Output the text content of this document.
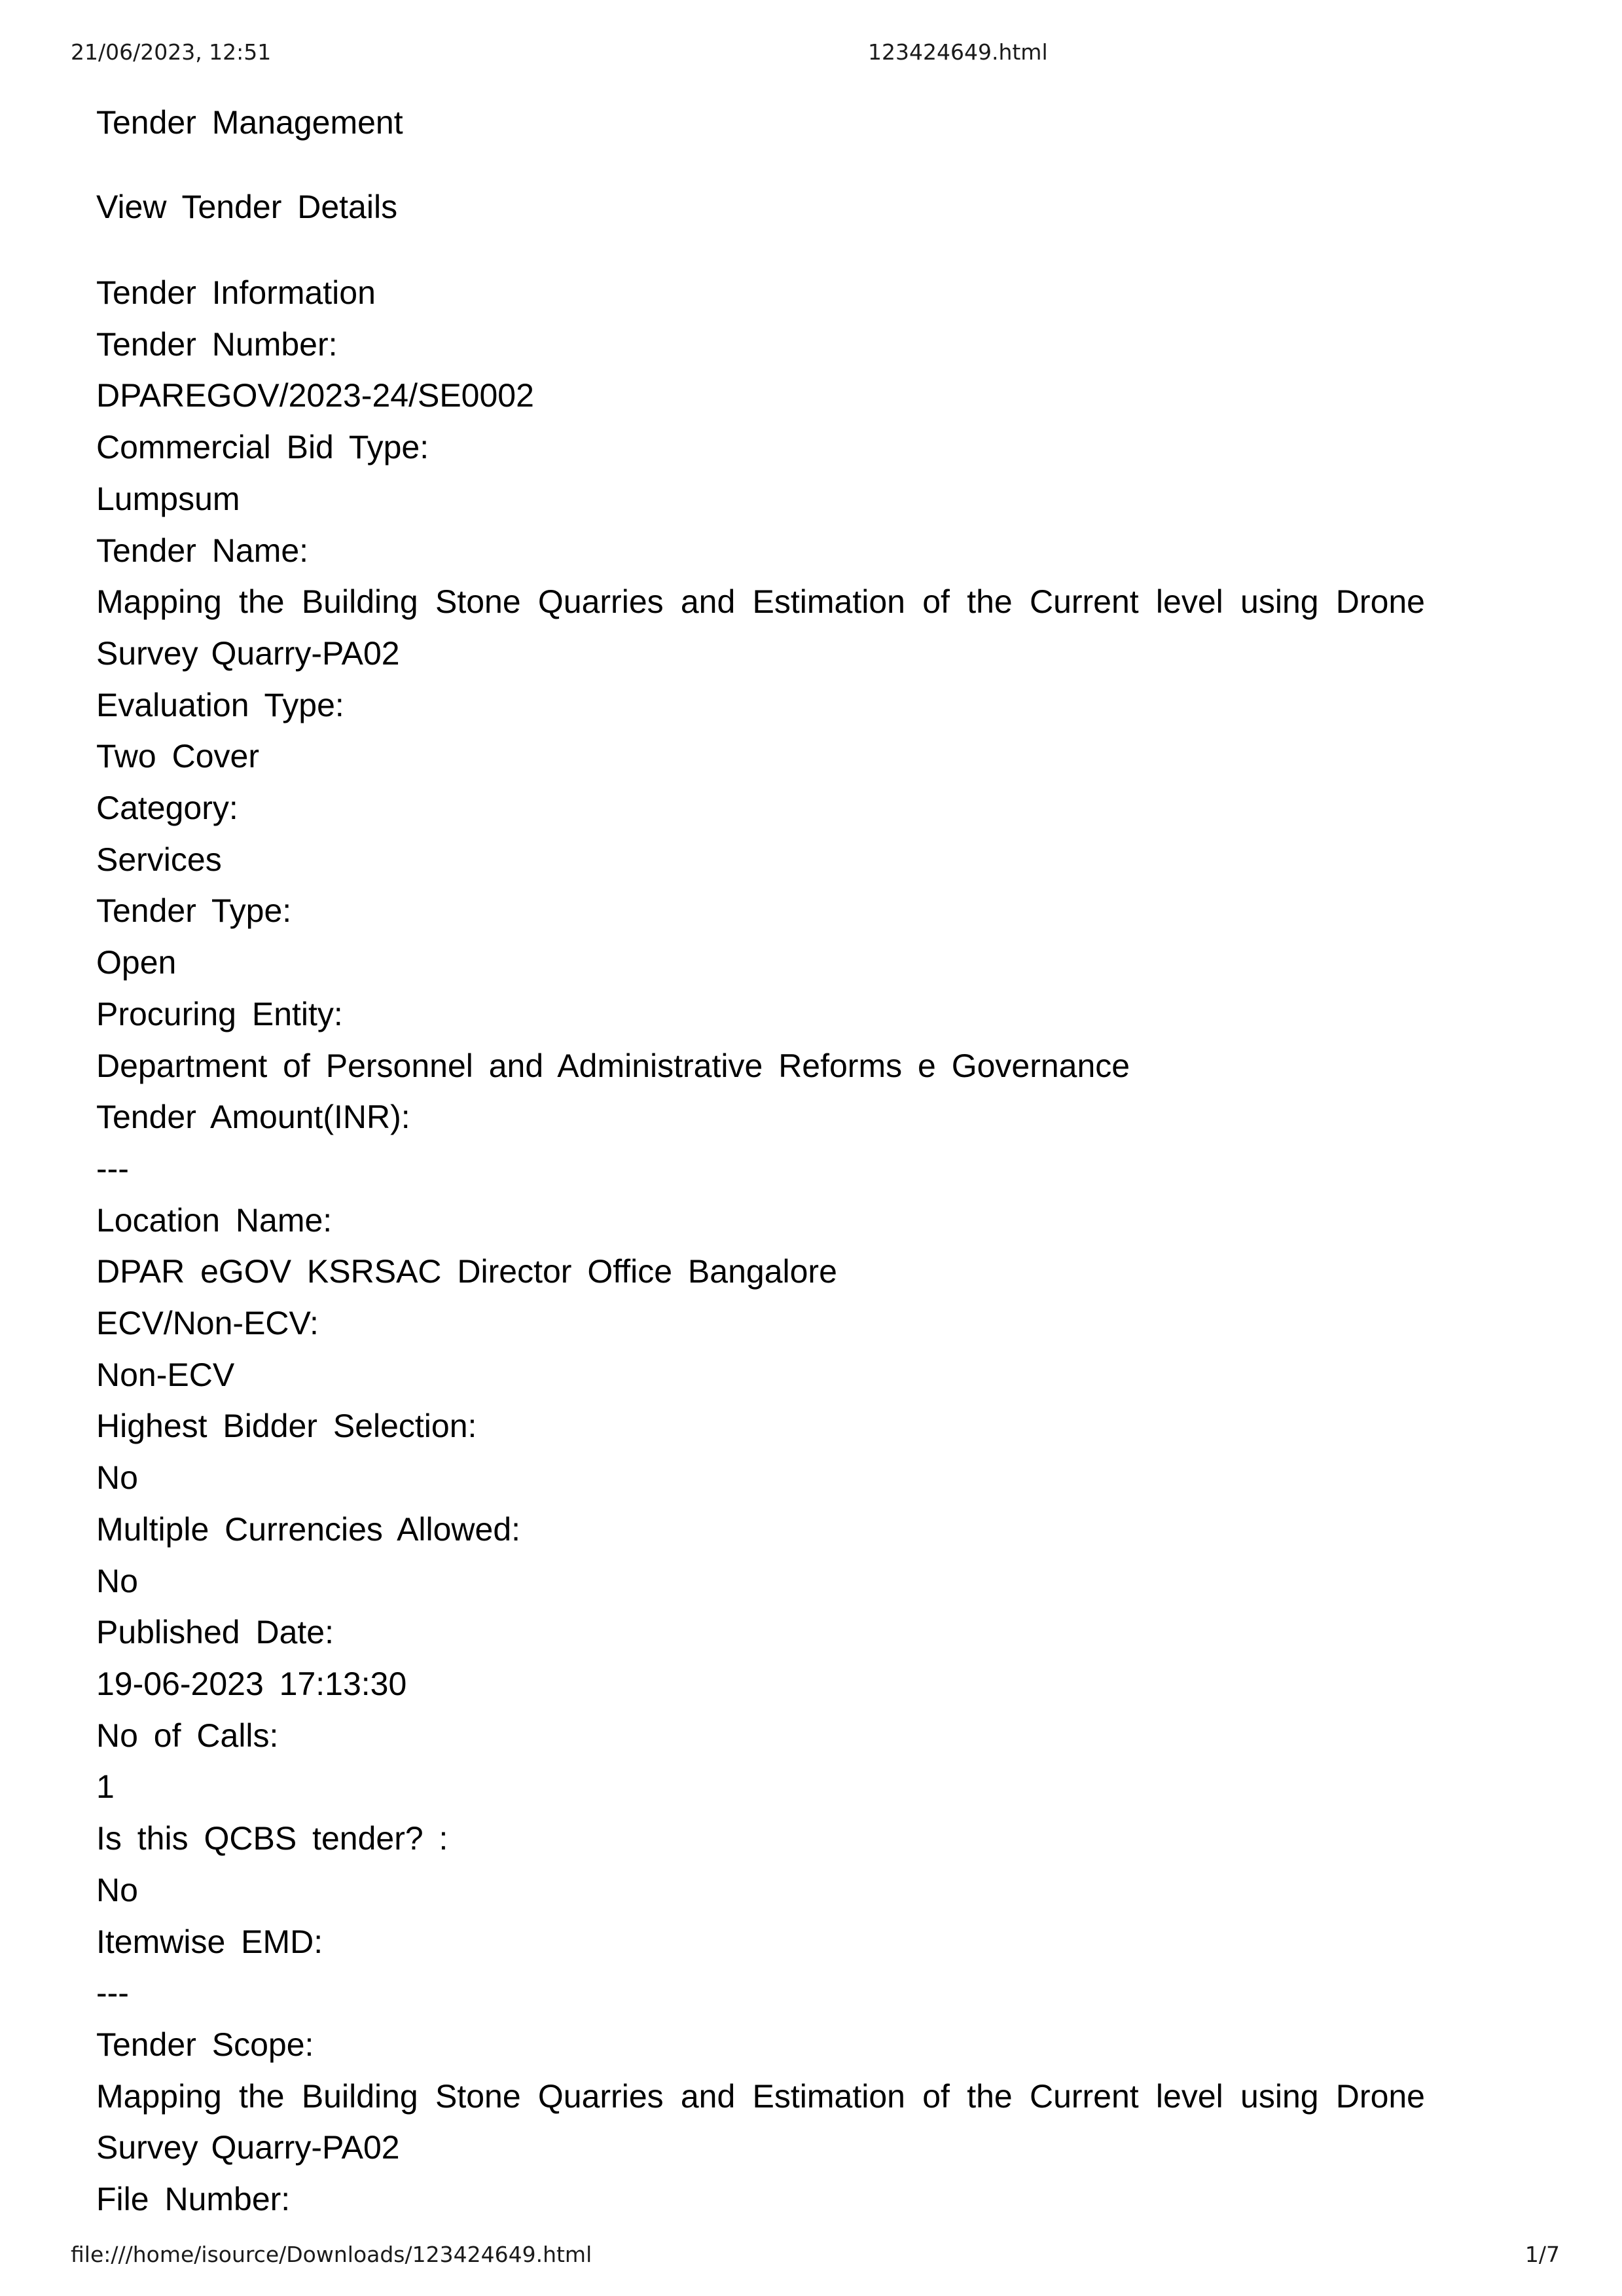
21/06/2023, 12:51	123424649.html
Tender Management
View Tender Details
Tender Information
Tender Number:
DPAREGOV/2023-24/SE0002
Commercial Bid Type:
Lumpsum
Tender Name:
Mapping the Building Stone Quarries and Estimation of the Current level using Drone Survey Quarry-PA02
Evaluation Type:
Two Cover
Category:
Services
Tender Type:
Open
Procuring Entity:
Department of Personnel and Administrative Reforms e Governance
Tender Amount(INR):
---
Location Name:
DPAR eGOV KSRSAC Director Office Bangalore
ECV/Non-ECV:
Non-ECV
Highest Bidder Selection:
No
Multiple Currencies Allowed:
No
Published Date:
19-06-2023 17:13:30
No of Calls:
1
Is this QCBS tender? :
No
Itemwise EMD:
---
Tender Scope:
Mapping the Building Stone Quarries and Estimation of the Current level using Drone Survey Quarry-PA02
File Number:
file:///home/isource/Downloads/123424649.html	1/7
